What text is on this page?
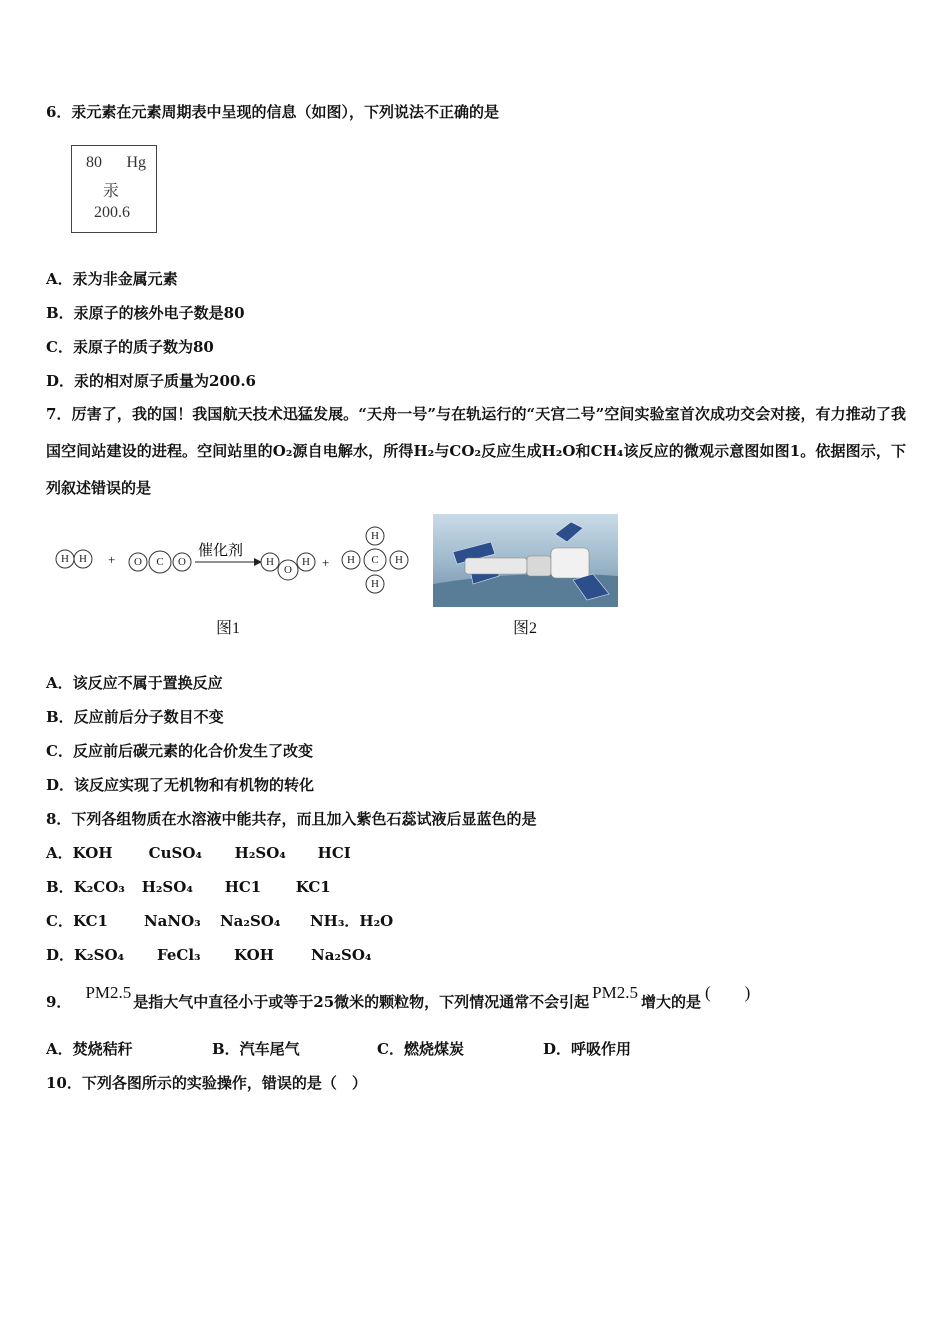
6．汞元素在元素周期表中呈现的信息（如图），下列说法不正确的是
80 Hg
汞
200.6
A．汞为非金属元素
B．汞原子的核外电子数是80
C．汞原子的质子数为80
D．汞的相对原子质量为200.6
7．厉害了，我的国！我国航天技术迅猛发展。“天舟一号”与在轨运行的“天宫二号”空间实验室首次成功交会对接，有力推动了我国空间站建设的进程。空间站里的O₂源自电解水，所得H₂与CO₂反应生成H₂O和CH₄该反应的微观示意图如图1。依据图示，下列叙述错误的是
H H + O C O
催化剂
H
O
H +
H
H C H
H
图1	图2
A．该反应不属于置换反应
B．反应前后分子数目不变
C．反应前后碳元素的化合价发生了改变
D．该反应实现了无机物和有机物的转化
8．下列各组物质在水溶液中能共存，而且加入紫色石蕊试液后显蓝色的是
A．KOH CuSO₄ H₂SO₄ HCI
B．K₂CO₃ H₂SO₄ HC1 KC1
C．KC1 NaNO₃ Na₂SO₄ NH₃．H₂O
D．K₂SO₄ FeCl₃ KOH Na₂SO₄
9． PM2.5 是指大气中直径小于或等于25微米的颗粒物，下列情况通常不会引起 PM2.5 增大的是 (　　)
A．焚烧秸秆	B．汽车尾气	C．燃烧煤炭	D．呼吸作用
10．下列各图所示的实验操作，错误的是（　）
